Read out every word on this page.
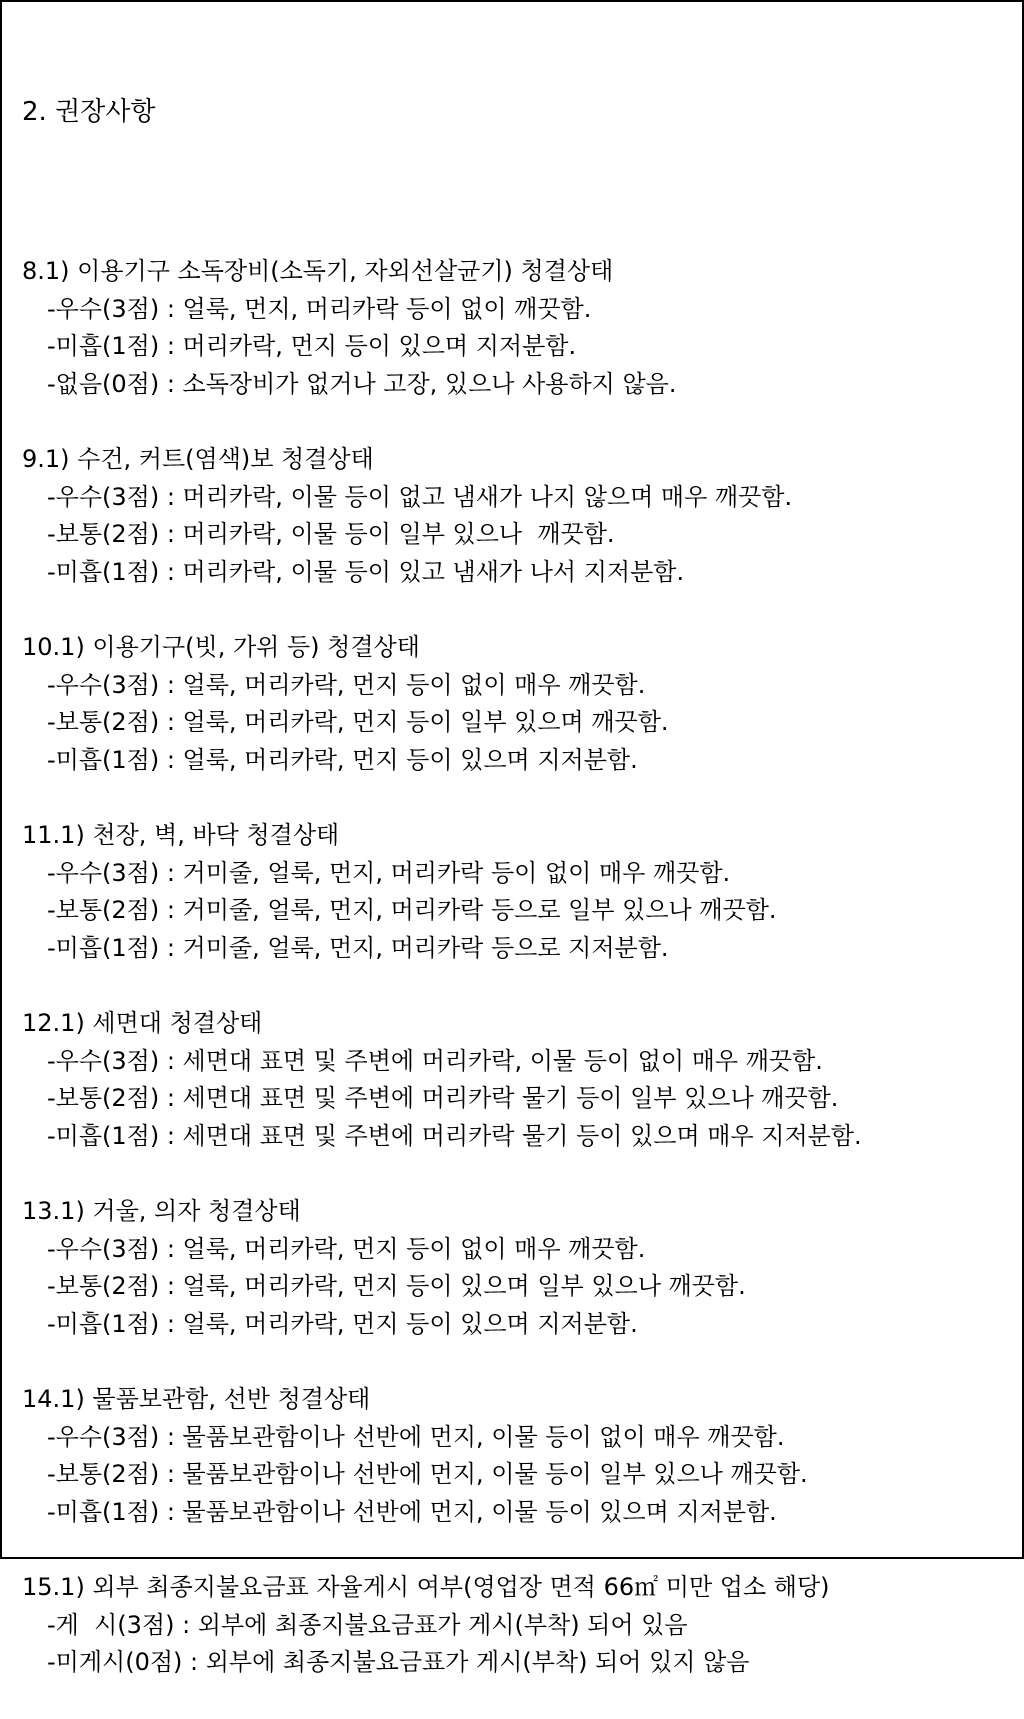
2. 권장사항

8.1) 이용기구 소독장비(소독기, 자외선살균기) 청결상태
-우수(3점) : 얼룩, 먼지, 머리카락 등이 없이 깨끗함.
-미흡(1점) : 머리카락, 먼지 등이 있으며 지저분함.
-없음(0점) : 소독장비가 없거나 고장, 있으나 사용하지 않음.
9.1) 수건, 커트(염색)보 청결상태
-우수(3점) : 머리카락, 이물 등이 없고 냄새가 나지 않으며 매우 깨끗함.
-보통(2점) : 머리카락, 이물 등이 일부 있으나  깨끗함.
-미흡(1점) : 머리카락, 이물 등이 있고 냄새가 나서 지저분함.
10.1) 이용기구(빗, 가위 등) 청결상태
-우수(3점) : 얼룩, 머리카락, 먼지 등이 없이 매우 깨끗함.
-보통(2점) : 얼룩, 머리카락, 먼지 등이 일부 있으며 깨끗함.
-미흡(1점) : 얼룩, 머리카락, 먼지 등이 있으며 지저분함.
11.1) 천장, 벽, 바닥 청결상태
-우수(3점) : 거미줄, 얼룩, 먼지, 머리카락 등이 없이 매우 깨끗함.
-보통(2점) : 거미줄, 얼룩, 먼지, 머리카락 등으로 일부 있으나 깨끗함.
-미흡(1점) : 거미줄, 얼룩, 먼지, 머리카락 등으로 지저분함.
12.1) 세면대 청결상태
-우수(3점) : 세면대 표면 및 주변에 머리카락, 이물 등이 없이 매우 깨끗함.
-보통(2점) : 세면대 표면 및 주변에 머리카락 물기 등이 일부 있으나 깨끗함.
-미흡(1점) : 세면대 표면 및 주변에 머리카락 물기 등이 있으며 매우 지저분함.
13.1) 거울, 의자 청결상태
-우수(3점) : 얼룩, 머리카락, 먼지 등이 없이 매우 깨끗함.
-보통(2점) : 얼룩, 머리카락, 먼지 등이 있으며 일부 있으나 깨끗함.
-미흡(1점) : 얼룩, 머리카락, 먼지 등이 있으며 지저분함.
14.1) 물품보관함, 선반 청결상태
-우수(3점) : 물품보관함이나 선반에 먼지, 이물 등이 없이 매우 깨끗함.
-보통(2점) : 물품보관함이나 선반에 먼지, 이물 등이 일부 있으나 깨끗함.
-미흡(1점) : 물품보관함이나 선반에 먼지, 이물 등이 있으며 지저분함.
15.1) 외부 최종지불요금표 자율게시 여부(영업장 면적 66㎡ 미만 업소 해당)
-게  시(3점) : 외부에 최종지불요금표가 게시(부착) 되어 있음
-미게시(0점) : 외부에 최종지불요금표가 게시(부착) 되어 있지 않음
